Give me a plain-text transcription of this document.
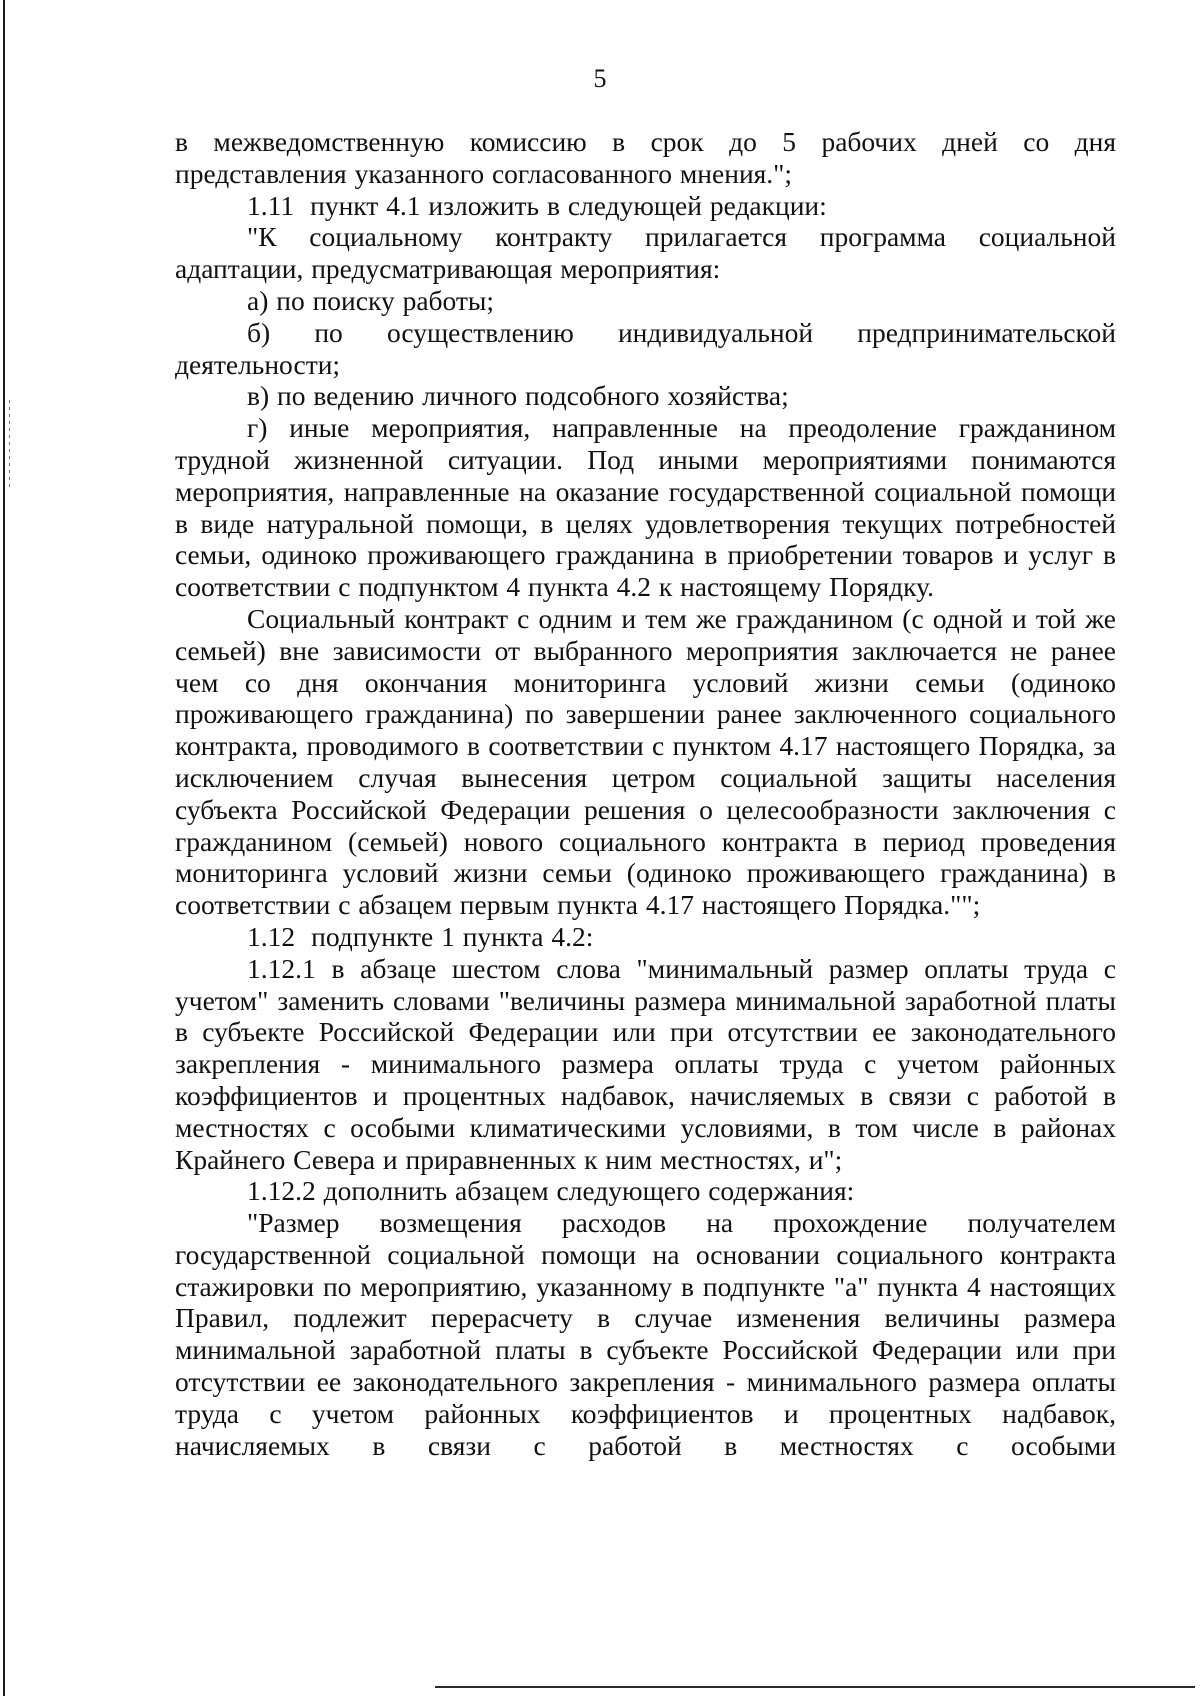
5

в межведомственную комиссию в срок до 5 рабочих дней со дня представления указанного согласованного мнения.";

1.11 пункт 4.1 изложить в следующей редакции:

"К социальному контракту прилагается программа социальной адаптации, предусматривающая мероприятия:

а) по поиску работы;

б) по осуществлению индивидуальной предпринимательской деятельности;

в) по ведению личного подсобного хозяйства;

г) иные мероприятия, направленные на преодоление гражданином трудной жизненной ситуации. Под иными мероприятиями понимаются мероприятия, направленные на оказание государственной социальной помощи в виде натуральной помощи, в целях удовлетворения текущих потребностей семьи, одиноко проживающего гражданина в приобретении товаров и услуг в соответствии с подпунктом 4 пункта 4.2 к настоящему Порядку.

Социальный контракт с одним и тем же гражданином (с одной и той же семьей) вне зависимости от выбранного мероприятия заключается не ранее чем со дня окончания мониторинга условий жизни семьи (одиноко проживающего гражданина) по завершении ранее заключенного социального контракта, проводимого в соответствии с пунктом 4.17 настоящего Порядка, за исключением случая вынесения цетром социальной защиты населения субъекта Российской Федерации решения о целесообразности заключения с гражданином (семьей) нового социального контракта в период проведения мониторинга условий жизни семьи (одиноко проживающего гражданина) в соответствии с абзацем первым пункта 4.17 настоящего Порядка."";

1.12 подпункте 1 пункта 4.2:

1.12.1 в абзаце шестом слова "минимальный размер оплаты труда с учетом" заменить словами "величины размера минимальной заработной платы в субъекте Российской Федерации или при отсутствии ее законодательного закрепления - минимального размера оплаты труда с учетом районных коэффициентов и процентных надбавок, начисляемых в связи с работой в местностях с особыми климатическими условиями, в том числе в районах Крайнего Севера и приравненных к ним местностях, и";

1.12.2 дополнить абзацем следующего содержания:

"Размер возмещения расходов на прохождение получателем государственной социальной помощи на основании социального контракта стажировки по мероприятию, указанному в подпункте "а" пункта 4 настоящих Правил, подлежит перерасчету в случае изменения величины размера минимальной заработной платы в субъекте Российской Федерации или при отсутствии ее законодательного закрепления - минимального размера оплаты труда с учетом районных коэффициентов и процентных надбавок, начисляемых в связи с работой в местностях с особыми
